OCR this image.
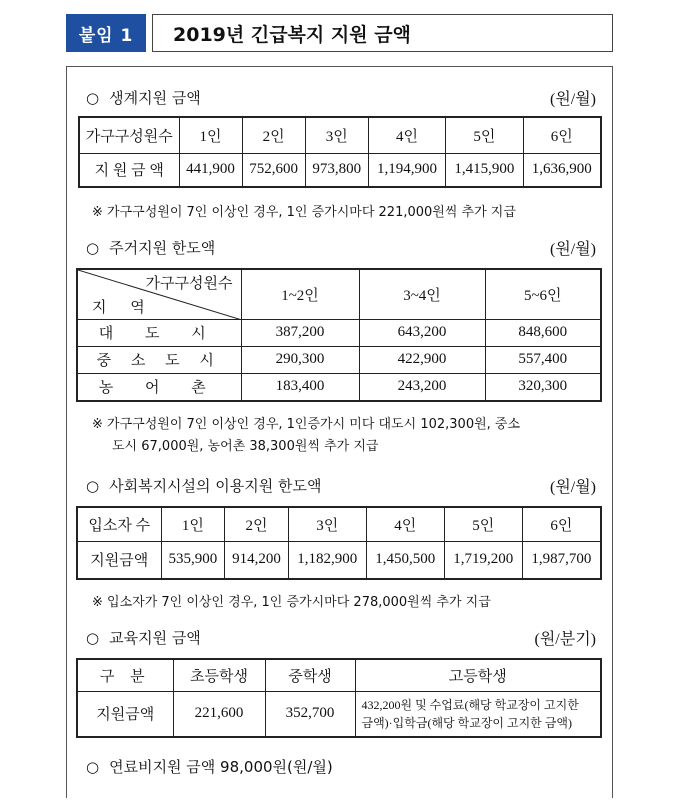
붙임 1	2019년 긴급복지 지원 금액
○ 생계지원 금액	(원/월)
가구구성원수	1인	2인	3인	4인	5인	6인
지 원 금 액	441,900	752,600	973,800	1,194,900	1,415,900	1,636,900
※ 가구구성원이 7인 이상인 경우, 1인 증가시마다 221,000원씩 추가 지급
○ 주거지원 한도액	(원/월)
가구구성원수
지 역	1~2인	3~4인	5~6인
대 도 시	387,200	643,200	848,600
중 소 도 시	290,300	422,900	557,400
농 어 촌	183,400	243,200	320,300
※ 가구구성원이 7인 이상인 경우, 1인증가시 미다 대도시 102,300원, 중소
도시 67,000원, 농어촌 38,300원씩 추가 지급
○ 사회복지시설의 이용지원 한도액	(원/월)
입소자 수	1인	2인	3인	4인	5인	6인
지원금액	535,900	914,200	1,182,900	1,450,500	1,719,200	1,987,700
※ 입소자가 7인 이상인 경우, 1인 증가시마다 278,000원씩 추가 지급
○ 교육지원 금액	(원/분기)
구 분	초등학생	중학생	고등학생
지원금액	221,600	352,700	432,200원 및 수업료(해당 학교장이 고지한
금액)·입학금(해당 학교장이 고지한 금액)
○ 연료비지원 금액 98,000원(원/월)
